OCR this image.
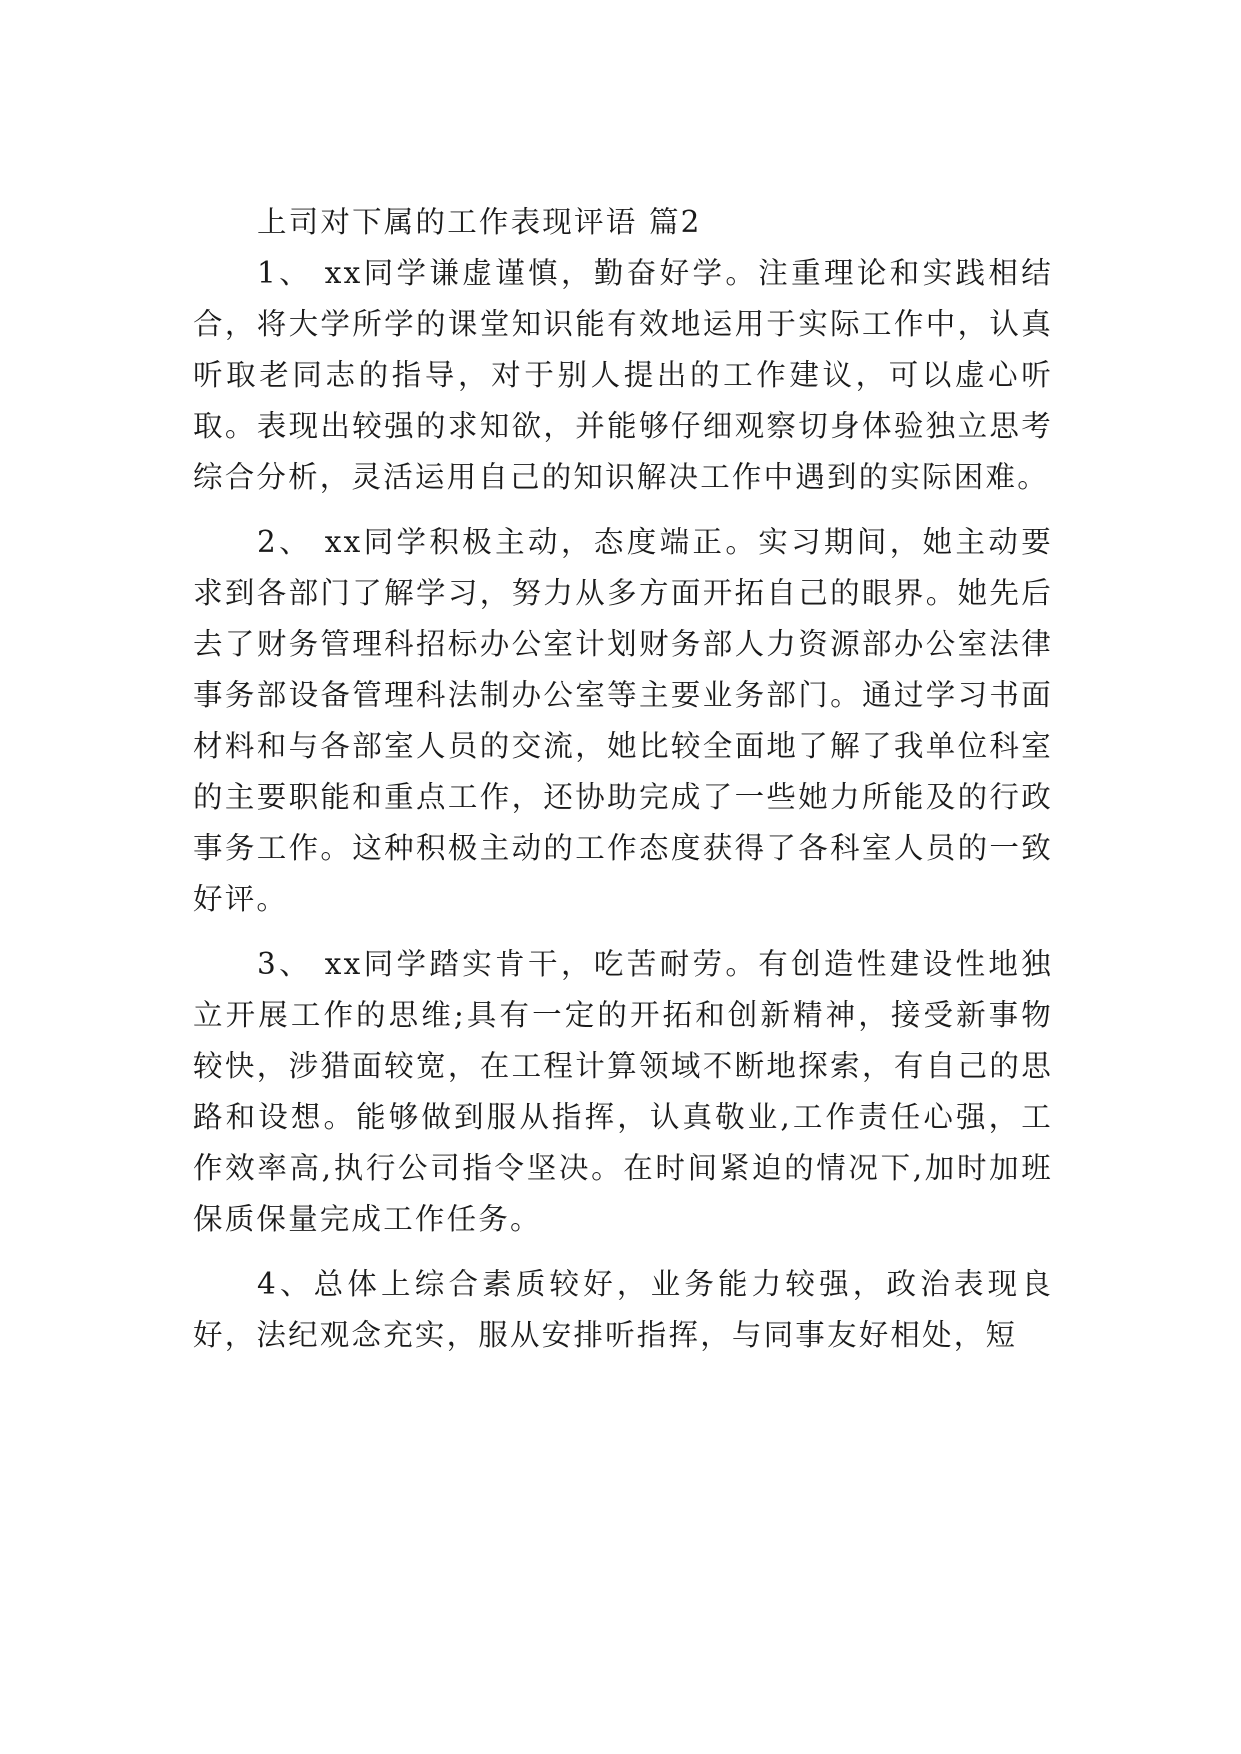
上司对下属的工作表现评语 篇2

1、 xx同学谦虚谨慎，勤奋好学。注重理论和实践相结合，将大学所学的课堂知识能有效地运用于实际工作中，认真听取老同志的指导，对于别人提出的工作建议，可以虚心听取。表现出较强的求知欲，并能够仔细观察切身体验独立思考综合分析，灵活运用自己的知识解决工作中遇到的实际困难。

2、 xx同学积极主动，态度端正。实习期间，她主动要求到各部门了解学习，努力从多方面开拓自己的眼界。她先后去了财务管理科招标办公室计划财务部人力资源部办公室法律事务部设备管理科法制办公室等主要业务部门。通过学习书面材料和与各部室人员的交流，她比较全面地了解了我单位科室的主要职能和重点工作，还协助完成了一些她力所能及的行政事务工作。这种积极主动的工作态度获得了各科室人员的一致好评。

3、 xx同学踏实肯干，吃苦耐劳。有创造性建设性地独立开展工作的思维;具有一定的开拓和创新精神，接受新事物较快，涉猎面较宽，在工程计算领域不断地探索，有自己的思路和设想。能够做到服从指挥，认真敬业,工作责任心强，工作效率高,执行公司指令坚决。在时间紧迫的情况下,加时加班保质保量完成工作任务。

4、总体上综合素质较好，业务能力较强，政治表现良好，法纪观念充实，服从安排听指挥，与同事友好相处，短
